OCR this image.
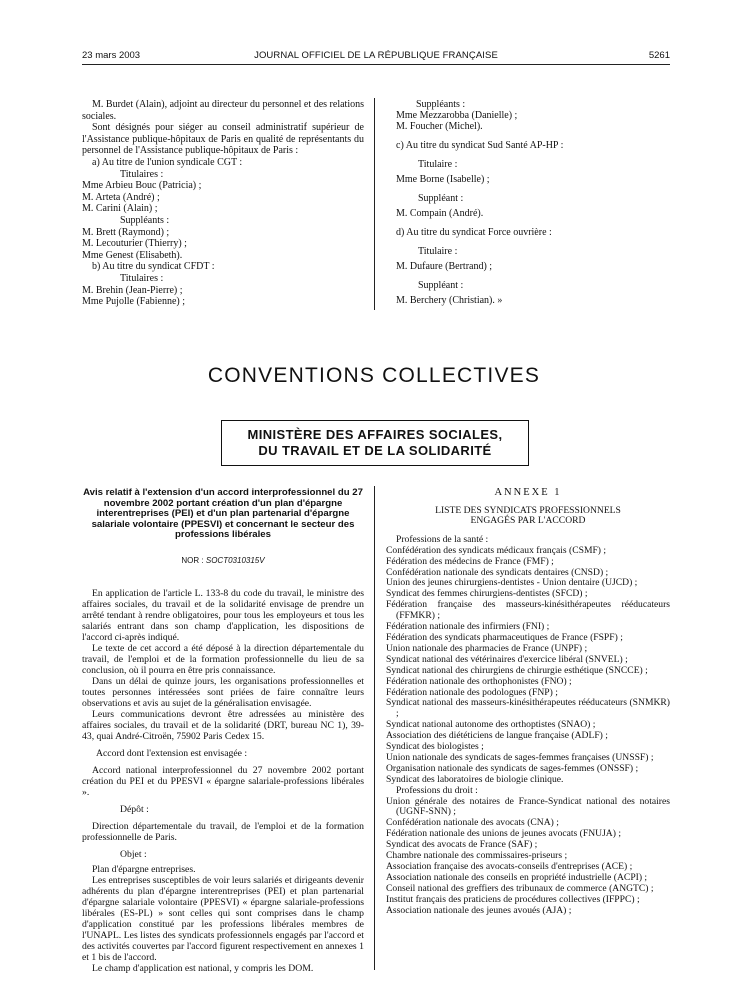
23 mars 2003	JOURNAL OFFICIEL DE LA RÉPUBLIQUE FRANÇAISE	5261

M. Burdet (Alain), adjoint au directeur du personnel et des relations sociales.

Sont désignés pour siéger au conseil administratif supérieur de l'Assistance publique-hôpitaux de Paris en qualité de représentants du personnel de l'Assistance publique-hôpitaux de Paris :

a) Au titre de l'union syndicale CGT :

Titulaires :

Mme Arbieu Bouc (Patricia) ;

M. Arteta (André) ;

M. Carini (Alain) ;

Suppléants :

M. Brett (Raymond) ;

M. Lecouturier (Thierry) ;

Mme Genest (Elisabeth).

b) Au titre du syndicat CFDT :

Titulaires :

M. Brehin (Jean-Pierre) ;

Mme Pujolle (Fabienne) ;

Suppléants :

Mme Mezzarobba (Danielle) ;

M. Foucher (Michel).

c) Au titre du syndicat Sud Santé AP-HP :

Titulaire :

Mme Borne (Isabelle) ;

Suppléant :

M. Compain (André).

d) Au titre du syndicat Force ouvrière :

Titulaire :

M. Dufaure (Bertrand) ;

Suppléant :

M. Berchery (Christian). »

CONVENTIONS COLLECTIVES
MINISTÈRE DES AFFAIRES SOCIALES,
DU TRAVAIL ET DE LA SOLIDARITÉ

Avis relatif à l'extension d'un accord interprofessionnel du 27 novembre 2002 portant création d'un plan d'épargne interentreprises (PEI) et d'un plan partenarial d'épargne salariale volontaire (PPESVI) et concernant le secteur des professions libérales

NOR : SOCT0310315V

En application de l'article L. 133-8 du code du travail, le ministre des affaires sociales, du travail et de la solidarité envisage de prendre un arrêté tendant à rendre obligatoires, pour tous les employeurs et tous les salariés entrant dans son champ d'application, les dispositions de l'accord ci-après indiqué.

Le texte de cet accord a été déposé à la direction départementale du travail, de l'emploi et de la formation professionnelle du lieu de sa conclusion, où il pourra en être pris connaissance.

Dans un délai de quinze jours, les organisations professionnelles et toutes personnes intéressées sont priées de faire connaître leurs observations et avis au sujet de la généralisation envisagée.

Leurs communications devront être adressées au ministère des affaires sociales, du travail et de la solidarité (DRT, bureau NC 1), 39-43, quai André-Citroën, 75902 Paris Cedex 15.

Accord dont l'extension est envisagée :

Accord national interprofessionnel du 27 novembre 2002 portant création du PEI et du PPESVI « épargne salariale-professions libérales ».

Dépôt :

Direction départementale du travail, de l'emploi et de la formation professionnelle de Paris.

Objet :

Plan d'épargne entreprises.

Les entreprises susceptibles de voir leurs salariés et dirigeants devenir adhérents du plan d'épargne interentreprises (PEI) et plan partenarial d'épargne salariale volontaire (PPESVI) « épargne salariale-professions libérales (ES-PL) » sont celles qui sont comprises dans le champ d'application constitué par les professions libérales membres de l'UNAPL. Les listes des syndicats professionnels engagés par l'accord et des activités couvertes par l'accord figurent respectivement en annexes 1 et 1 bis de l'accord.

Le champ d'application est national, y compris les DOM.

ANNEXE 1

LISTE DES SYNDICATS PROFESSIONNELS

ENGAGÉS PAR L'ACCORD

Professions de la santé :

Confédération des syndicats médicaux français (CSMF) ;

Fédération des médecins de France (FMF) ;

Confédération nationale des syndicats dentaires (CNSD) ;

Union des jeunes chirurgiens-dentistes - Union dentaire (UJCD) ;

Syndicat des femmes chirurgiens-dentistes (SFCD) ;

Fédération française des masseurs-kinésithérapeutes rééducateurs (FFMKR) ;

Fédération nationale des infirmiers (FNI) ;

Fédération des syndicats pharmaceutiques de France (FSPF) ;

Union nationale des pharmacies de France (UNPF) ;

Syndicat national des vétérinaires d'exercice libéral (SNVEL) ;

Syndicat national des chirurgiens de chirurgie esthétique (SNCCE) ;

Fédération nationale des orthophonistes (FNO) ;

Fédération nationale des podologues (FNP) ;

Syndicat national des masseurs-kinésithérapeutes rééducateurs (SNMKR) ;

Syndicat national autonome des orthoptistes (SNAO) ;

Association des diététiciens de langue française (ADLF) ;

Syndicat des biologistes ;

Union nationale des syndicats de sages-femmes françaises (UNSSF) ;

Organisation nationale des syndicats de sages-femmes (ONSSF) ;

Syndicat des laboratoires de biologie clinique.

Professions du droit :

Union générale des notaires de France-Syndicat national des notaires (UGNF-SNN) ;

Confédération nationale des avocats (CNA) ;

Fédération nationale des unions de jeunes avocats (FNUJA) ;

Syndicat des avocats de France (SAF) ;

Chambre nationale des commissaires-priseurs ;

Association française des avocats-conseils d'entreprises (ACE) ;

Association nationale des conseils en propriété industrielle (ACPI) ;

Conseil national des greffiers des tribunaux de commerce (ANGTC) ;

Institut français des praticiens de procédures collectives (IFPPC) ;

Association nationale des jeunes avoués (AJA) ;
